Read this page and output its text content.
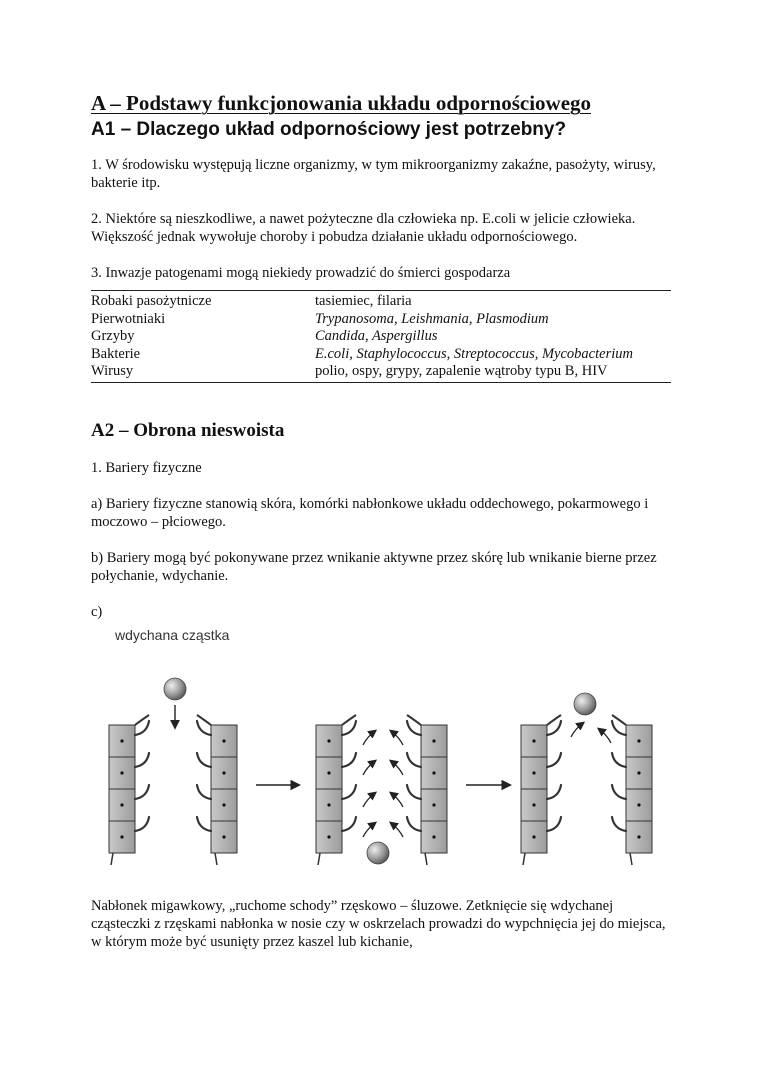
A – Podstawy funkcjonowania układu odpornościowego
A1 – Dlaczego układ odpornościowy jest potrzebny?

1. W środowisku występują liczne organizmy, w tym mikroorganizmy zakaźne, pasożyty, wirusy, bakterie itp.

2. Niektóre są nieszkodliwe, a nawet pożyteczne dla człowieka np. E.coli w jelicie człowieka. Większość jednak wywołuje choroby i pobudza działanie układu odpornościowego.

3. Inwazje patogenami mogą niekiedy prowadzić do śmierci gospodarza

Robaki pasożytnicze	tasiemiec, filaria
Pierwotniaki	Trypanosoma, Leishmania, Plasmodium
Grzyby	Candida, Aspergillus
Bakterie	E.coli, Staphylococcus, Streptococcus, Mycobacterium
Wirusy	polio, ospy, grypy, zapalenie wątroby typu B, HIV
A2 – Obrona nieswoista

1. Bariery fizyczne

a) Bariery fizyczne stanowią skóra, komórki nabłonkowe układu oddechowego, pokarmowego i moczowo – płciowego.

b) Bariery mogą być pokonywane przez wnikanie aktywne przez skórę lub wnikanie bierne przez połychanie, wdychanie.

c)

wdychana cząstka

Nabłonek migawkowy, „ruchome schody” rzęskowo – śluzowe. Zetknięcie się wdychanej cząsteczki z rzęskami nabłonka w nosie czy w oskrzelach prowadzi do wypchnięcia jej do miejsca, w którym może być usunięty przez kaszel lub kichanie,
